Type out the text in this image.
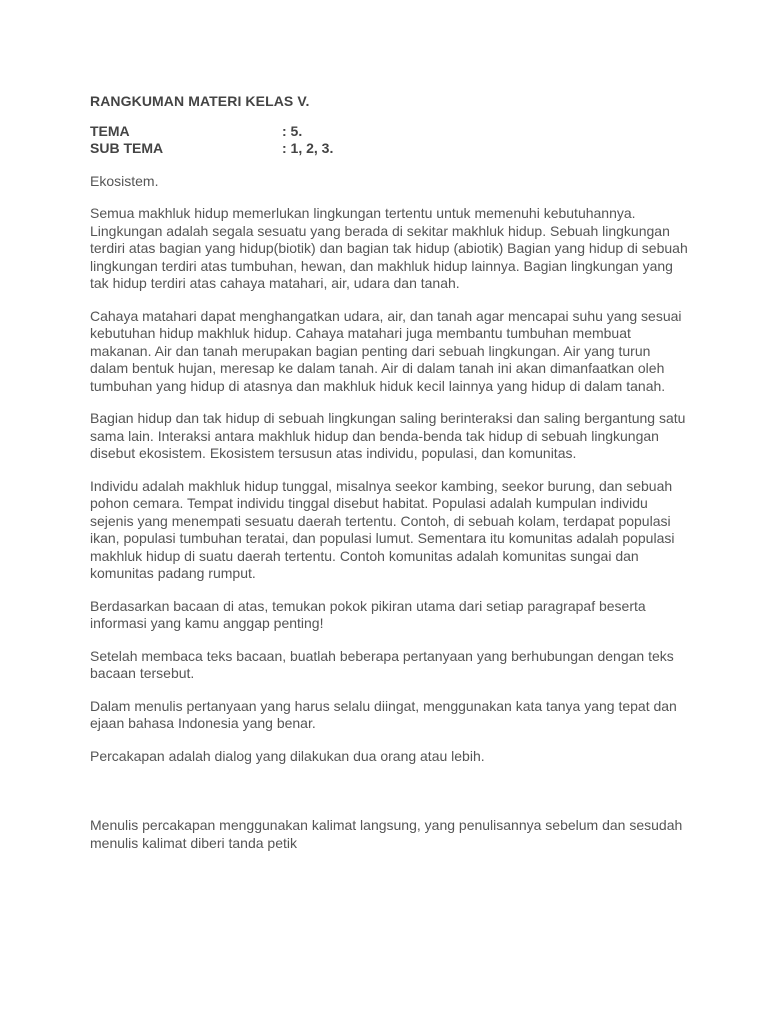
RANGKUMAN MATERI KELAS V.
TEMA	: 5.
SUB TEMA	: 1, 2, 3.

Ekosistem.

Semua makhluk hidup memerlukan lingkungan tertentu untuk memenuhi kebutuhannya. Lingkungan adalah segala sesuatu yang berada di sekitar makhluk hidup. Sebuah lingkungan terdiri atas bagian yang hidup(biotik) dan bagian tak hidup (abiotik) Bagian yang hidup di sebuah lingkungan terdiri atas tumbuhan, hewan, dan makhluk hidup lainnya. Bagian lingkungan yang tak hidup terdiri atas cahaya matahari, air, udara dan tanah.

Cahaya matahari dapat menghangatkan udara, air, dan tanah agar mencapai suhu yang sesuai kebutuhan hidup makhluk hidup. Cahaya matahari juga membantu tumbuhan membuat makanan. Air dan tanah merupakan bagian penting dari sebuah lingkungan. Air yang turun dalam bentuk hujan, meresap ke dalam tanah. Air di dalam tanah ini akan dimanfaatkan oleh tumbuhan yang hidup di atasnya dan makhluk hiduk kecil lainnya yang hidup di dalam tanah.

Bagian hidup dan tak hidup di sebuah lingkungan saling berinteraksi dan saling bergantung satu sama lain. Interaksi antara makhluk hidup dan benda-benda tak hidup di sebuah lingkungan disebut ekosistem. Ekosistem tersusun atas individu, populasi, dan komunitas.

Individu adalah makhluk hidup tunggal, misalnya seekor kambing, seekor burung, dan sebuah pohon cemara. Tempat individu tinggal disebut habitat. Populasi adalah kumpulan individu sejenis yang menempati sesuatu daerah tertentu. Contoh, di sebuah kolam, terdapat populasi ikan, populasi tumbuhan teratai, dan populasi lumut. Sementara itu komunitas adalah populasi makhluk hidup di suatu daerah tertentu. Contoh komunitas adalah komunitas sungai dan komunitas padang rumput.

Berdasarkan bacaan di atas, temukan pokok pikiran utama dari setiap paragrapaf beserta informasi yang kamu anggap penting!

Setelah membaca teks bacaan, buatlah beberapa pertanyaan yang berhubungan dengan teks bacaan tersebut.

Dalam menulis pertanyaan yang harus selalu diingat, menggunakan kata tanya yang tepat dan ejaan bahasa Indonesia yang benar.

Percakapan adalah dialog yang dilakukan dua orang atau lebih.

Menulis percakapan menggunakan kalimat langsung, yang penulisannya sebelum dan sesudah menulis kalimat diberi tanda petik
